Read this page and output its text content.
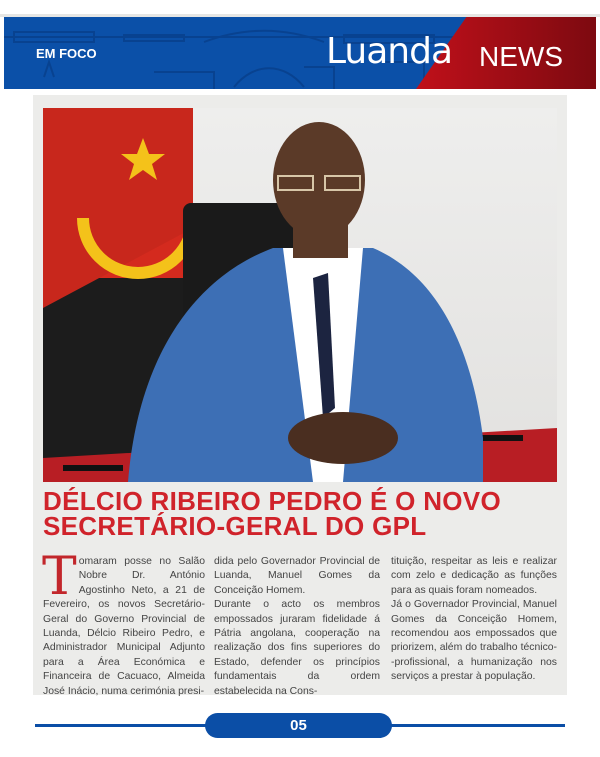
EM FOCO	Luanda NEWS
DÉLCIO RIBEIRO PEDRO É O NOVO
SECRETÁRIO-GERAL DO GPL
Tomaram posse no Salão Nobre Dr. António Agostinho Neto, a 21 de Fevereiro, os novos Secretário-Geral do Governo Provincial de Luanda, Délcio Ribeiro Pedro, e Administrador Municipal Adjunto para a Área Económica e Financeira de Cacuaco, Almeida José Inácio, numa cerimónia presi-

dida pelo Governador Provincial de Luanda, Manuel Gomes da Conceição Homem.

Durante o acto os membros empossados juraram fidelidade á Pátria angolana, cooperação na realização dos fins superiores do Estado, defender os princípios fundamentais da ordem estabelecida na Cons-

tituição, respeitar as leis e realizar com zelo e dedicação as funções para as quais foram nomeados.

Já o Governador Provincial, Manuel Gomes da Conceição Homem, recomendou aos empossados que priorizem, além do trabalho técnico--profissional, a humanização nos serviços a prestar à população.

05
